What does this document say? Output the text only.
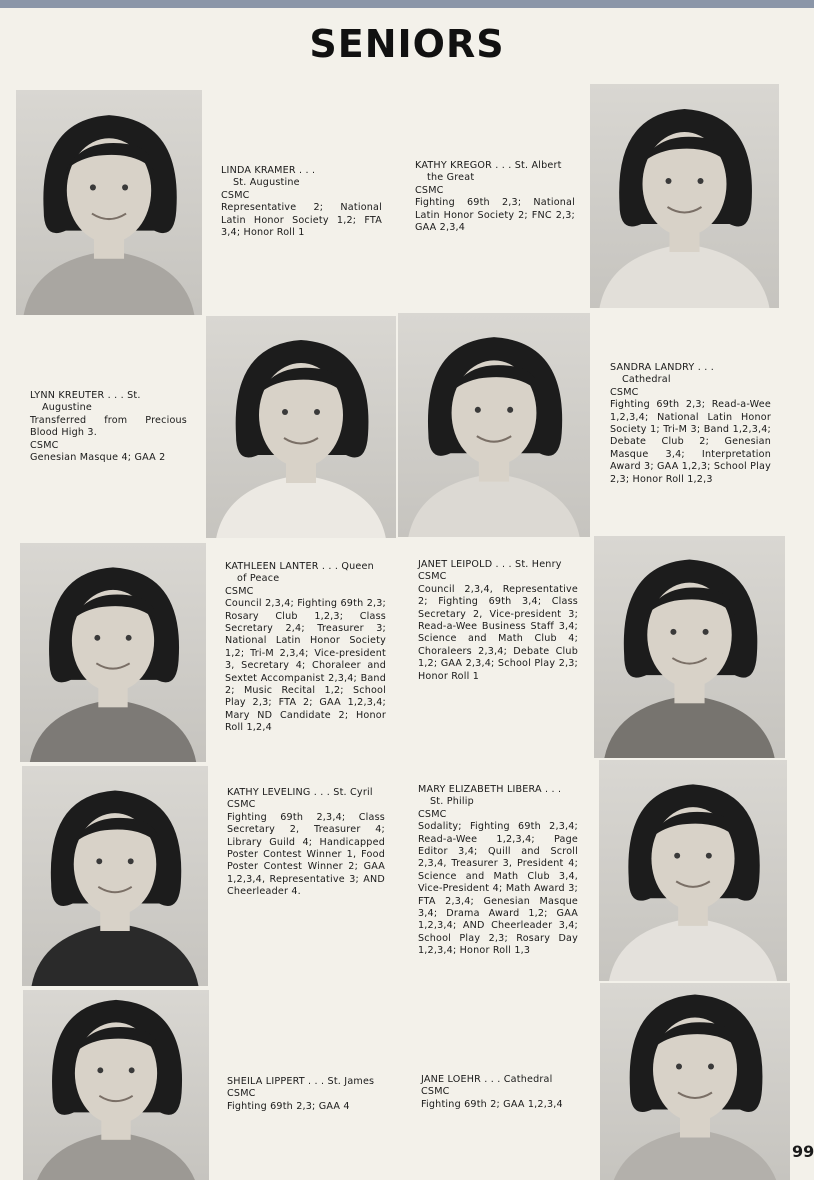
SENIORS
LINDA KRAMER . . .
St. Augustine
CSMC
Representative 2; National Latin Honor Society 1,2; FTA 3,4; Honor Roll 1
KATHY KREGOR . . . St. Albert
the Great
CSMC
Fighting 69th 2,3; National Latin Honor Society 2; FNC 2,3; GAA 2,3,4
LYNN KREUTER . . . St.
Augustine
Transferred from Precious Blood High 3.
CSMC
Genesian Masque 4; GAA 2
SANDRA LANDRY . . .
Cathedral
CSMC
Fighting 69th 2,3; Read-a-Wee 1,2,3,4; National Latin Honor Society 1; Tri-M 3; Band 1,2,3,4; Debate Club 2; Genesian Masque 3,4; Interpretation Award 3; GAA 1,2,3; School Play 2,3; Honor Roll 1,2,3
KATHLEEN LANTER . . . Queen
of Peace
CSMC
Council 2,3,4; Fighting 69th 2,3; Rosary Club 1,2,3; Class Secretary 2,4; Treasurer 3; National Latin Honor Society 1,2; Tri-M 2,3,4; Vice-president 3, Secretary 4; Choraleer and Sextet Accompanist 2,3,4; Band 2; Music Recital 1,2; School Play 2,3; FTA 2; GAA 1,2,3,4; Mary ND Candidate 2; Honor Roll 1,2,4
JANET LEIPOLD . . . St. Henry
CSMC
Council 2,3,4, Representative 2; Fighting 69th 3,4; Class Secretary 2, Vice-president 3; Read-a-Wee Business Staff 3,4; Science and Math Club 4; Choraleers 2,3,4; Debate Club 1,2; GAA 2,3,4; School Play 2,3; Honor Roll 1
KATHY LEVELING . . . St. Cyril
CSMC
Fighting 69th 2,3,4; Class Secretary 2, Treasurer 4; Library Guild 4; Handicapped Poster Contest Winner 1, Food Poster Contest Winner 2; GAA 1,2,3,4, Representative 3; AND Cheerleader 4.
MARY ELIZABETH LIBERA . . .
St. Philip
CSMC
Sodality; Fighting 69th 2,3,4; Read-a-Wee 1,2,3,4; Page Editor 3,4; Quill and Scroll 2,3,4, Treasurer 3, President 4; Science and Math Club 3,4, Vice-President 4; Math Award 3; FTA 2,3,4; Genesian Masque 3,4; Drama Award 1,2; GAA 1,2,3,4; AND Cheerleader 3,4; School Play 2,3; Rosary Day 1,2,3,4; Honor Roll 1,3
SHEILA LIPPERT . . . St. James
CSMC
Fighting 69th 2,3; GAA 4
JANE LOEHR . . . Cathedral
CSMC
Fighting 69th 2; GAA 1,2,3,4
99
